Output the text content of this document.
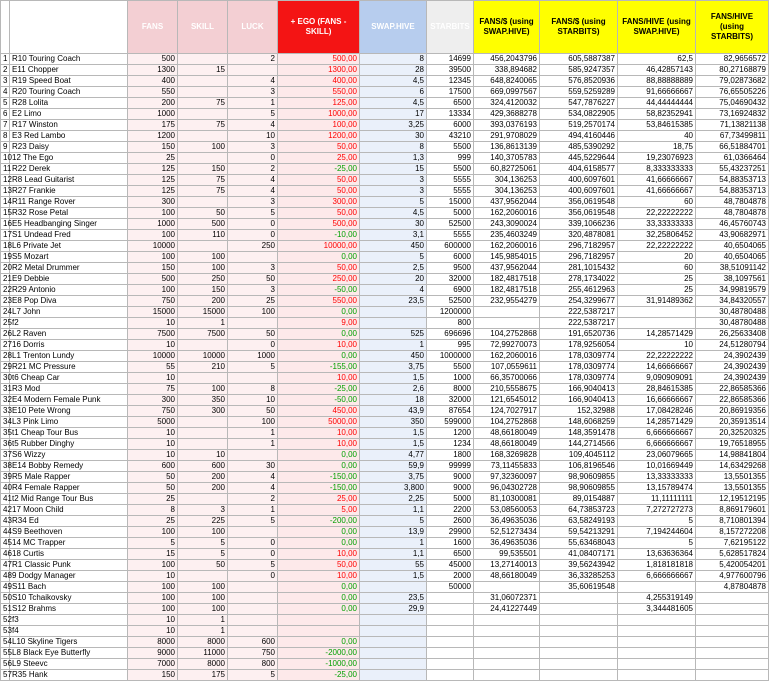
		FANS	SKILL	LUCK	+ EGO (FANS - SKILL)	SWAP.HIVE	STARBITS	FANS/$ (using SWAP.HIVE)	FANS/$ (using STARBITS)	FANS/HIVE (using SWAP.HIVE)	FANS/HIVE (using STARBITS)
1	R10 Touring Coach	500		2	500,00	8	14699	456,2043796	605,5887387	62,5	82,9656572
2	E11 Chopper	1300	15		1300,00	28	39500	338,894682	585,9247357	46,42857143	80,27168879
3	R19 Speed Boat	400		4	400,00	4,5	12345	648,8240065	576,8520936	88,88888889	79,02873682
4	R20 Touring Coach	550		3	550,00	6	17500	669,0997567	559,5259289	91,66666667	76,65505226
5	R28 Lolita	200	75	1	125,00	4,5	6500	324,4120032	547,7876227	44,44444444	75,04690432
6	E2 Limo	1000		5	1000,00	17	13334	429,3688278	534,0822905	58,82352941	73,16924832
7	R17 Winston	175	75	4	100,00	3,25	6000	393,0376193	519,2570174	53,84615385	71,13821138
8	E3 Red Lambo	1200		10	1200,00	30	43210	291,9708029	494,4160446	40	67,73499811
9	R23 Daisy	150	100	3	50,00	8	5500	136,8613139	485,5390292	18,75	66,51884701
10	12 The Ego	25		0	25,00	1,3	999	140,3705783	445,5229644	19,23076923	61,0366464
11	R22 Derek	125	150	2	-25,00	15	5500	60,82725061	404,6158577	8,333333333	55,43237251
12	R8 Lead Guitarist	125	75	4	50,00	3	5555	304,136253	400,6097601	41,66666667	54,88353713
13	R27 Frankie	125	75	4	50,00	3	5555	304,136253	400,6097601	41,66666667	54,88353713
14	R11 Range Rover	300		3	300,00	5	15000	437,9562044	356,0619548	60	48,7804878
15	R32 Rose Petal	100	50	5	50,00	4,5	5000	162,2060016	356,0619548	22,22222222	48,7804878
16	E5 Headbanging Singer	1000	500	0	500,00	30	52500	243,3090024	339,1066236	33,33333333	46,45760743
17	S1 Undead Fred	100	110	0	-10,00	3,1	5555	235,4603249	320,4878081	32,25806452	43,90682971
18	L6 Private Jet	10000		250	10000,00	450	600000	162,2060016	296,7182957	22,22222222	40,6504065
19	S5 Mozart	100	100		0,00	5	6000	145,9854015	296,7182957	20	40,6504065
20	R2 Metal Drummer	150	100	3	50,00	2,5	9500	437,9562044	281,1015432	60	38,51091142
21	E9 Debbie	500	250	50	250,00	20	32000	182,4817518	278,1734022	25	38,1097561
22	R29 Antonio	100	150	3	-50,00	4	6900	182,4817518	255,4612963	25	34,99819579
23	E8 Pop Diva	750	200	25	550,00	23,5	52500	232,9554279	254,3299677	31,91489362	34,84320557
24	L7 John	15000	15000	100	0,00		1200000		222,5387217		30,48780488
25	f2	10	1		9,00		800		222,5387217		30,48780488
26	L2 Raven	7500	7500	50	0,00	525	696696	104,2752868	191,6520736	14,28571429	26,25633408
27	16 Dorris	10		0	10,00	1	995	72,99270073	178,9256054	10	24,51280794
28	L1 Trenton Lundy	10000	10000	1000	0,00	450	1000000	162,2060016	178,0309774	22,22222222	24,3902439
29	R21 MC Pressure	55	210	5	-155,00	3,75	5500	107,0559611	178,0309774	14,66666667	24,3902439
30	t6 Cheap Car	10			10,00	1,5	1000	66,35700066	178,0309774	9,090909091	24,3902439
31	R3 Mod	75	100	8	-25,00	2,6	8000	210,5558675	166,9040413	28,84615385	22,86585366
32	E4 Modern Female Punk	300	350	10	-50,00	18	32000	121,6545012	166,9040413	16,66666667	22,86585366
33	E10 Pete Wrong	750	300	50	450,00	43,9	87654	124,7027917	152,32988	17,08428246	20,86919356
34	L3 Pink Limo	5000		100	5000,00	350	599000	104,2752868	148,6068259	14,28571429	20,35913514
35	t1 Cheap Tour Bus	10		1	10,00	1,5	1200	48,66180049	148,3591478	6,666666667	20,32520325
36	t5 Rubber Dinghy	10		1	10,00	1,5	1234	48,66180049	144,2714566	6,666666667	19,76518955
37	S6 Wizzy	10	10		0,00	4,77	1800	168,3269828	109,4045112	23,06079665	14,98841804
38	E14 Bobby Remedy	600	600	30	0,00	59,9	99999	73,11455833	106,8196546	10,01669449	14,63429268
39	R5 Male Rapper	50	200	4	-150,00	3,75	9000	97,32360097	98,90609855	13,33333333	13,5501355
40	R4 Female Rapper	50	200	4	-150,00	3,800	9000	96,04302728	98,90609855	13,15789474	13,5501355
41	t2 Mid Range Tour Bus	25		2	25,00	2,25	5000	81,10300081	89,0154887	11,11111111	12,19512195
42	17 Moon Child	8	3	1	5,00	1,1	2200	53,08560053	64,73853723	7,272727273	8,869179601
43	R34 Ed	25	225	5	-200,00	5	2600	36,49635036	63,58249193	5	8,710801394
44	S9 Beethoven	100	100		0,00	13,9	29900	52,51273434	59,54213291	7,194244604	8,157272208
45	14 MC Trapper	5	5	0	0,00	1	1600	36,49635036	55,63468043	5	7,62195122
46	18 Curtis	15	5	0	10,00	1,1	6500	99,535501	41,08407171	13,63636364	5,628517824
47	R1 Classic Punk	100	50	5	50,00	55	45000	13,27140013	39,56243942	1,818181818	5,420054201
48	9 Dodgy Manager	10		0	10,00	1,5	2000	48,66180049	36,33285253	6,666666667	4,977600796
49	S11 Bach	100	100		0,00		50000		35,60619548		4,87804878
50	S10 Tchaikovsky	100	100		0,00	23,5		31,06072371		4,255319149	
51	S12 Brahms	100	100		0,00	29,9		24,41227449		3,344481605	
52	f3	10	1								
53	f4	10	1								
54	L10 Skyline Tigers	8000	8000	600	0,00						
55	L8 Black Eye Butterfly	9000	11000	750	-2000,00						
56	L9 Steevc	7000	8000	800	-1000,00						
57	R35 Hank	150	175	5	-25,00						
